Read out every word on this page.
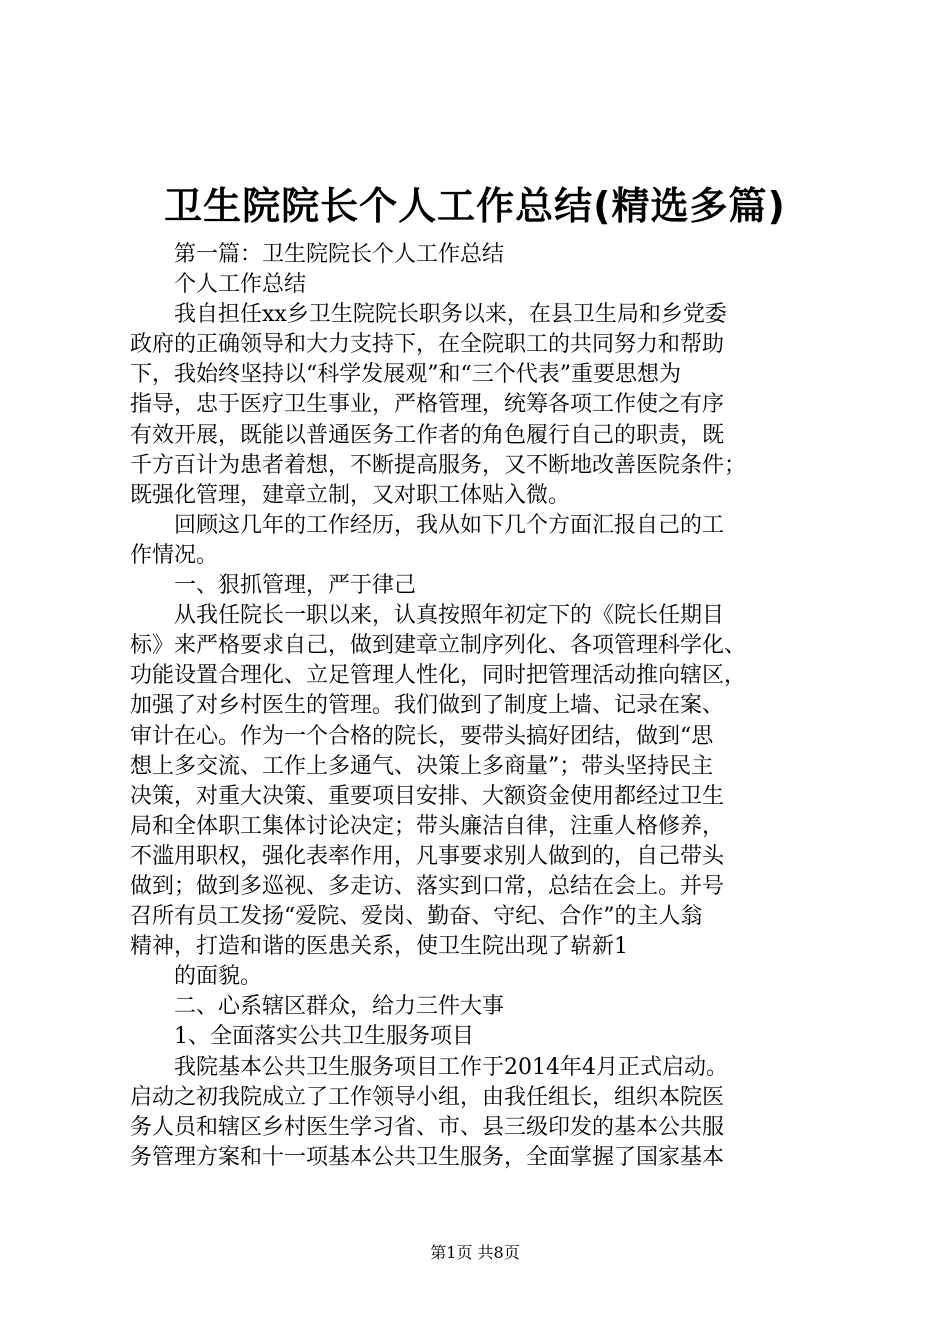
卫生院院长个人工作总结(精选多篇)
第一篇：卫生院院长个人工作总结
个人工作总结
我自担任xx乡卫生院院长职务以来，在县卫生局和乡党委
政府的正确领导和大力支持下，在全院职工的共同努力和帮助
下，我始终坚持以“科学发展观”和“三个代表”重要思想为
指导，忠于医疗卫生事业，严格管理，统筹各项工作使之有序
有效开展，既能以普通医务工作者的角色履行自己的职责，既
千方百计为患者着想，不断提高服务，又不断地改善医院条件；
既强化管理，建章立制，又对职工体贴入微。
回顾这几年的工作经历，我从如下几个方面汇报自己的工
作情况。
一、狠抓管理，严于律己
从我任院长一职以来，认真按照年初定下的《院长任期目
标》来严格要求自己，做到建章立制序列化、各项管理科学化、
功能设置合理化、立足管理人性化，同时把管理活动推向辖区，
加强了对乡村医生的管理。我们做到了制度上墙、记录在案、
审计在心。作为一个合格的院长，要带头搞好团结，做到“思
想上多交流、工作上多通气、决策上多商量”；带头坚持民主
决策，对重大决策、重要项目安排、大额资金使用都经过卫生
局和全体职工集体讨论决定；带头廉洁自律，注重人格修养，
不滥用职权，强化表率作用，凡事要求别人做到的，自己带头
做到；做到多巡视、多走访、落实到口常，总结在会上。并号
召所有员工发扬“爱院、爱岗、勤奋、守纪、合作”的主人翁
精神，打造和谐的医患关系，使卫生院出现了崭新1
的面貌。
二、心系辖区群众，给力三件大事
1、全面落实公共卫生服务项目
我院基本公共卫生服务项目工作于2014年4月正式启动。
启动之初我院成立了工作领导小组，由我任组长，组织本院医
务人员和辖区乡村医生学习省、市、县三级印发的基本公共服
务管理方案和十一项基本公共卫生服务，全面掌握了国家基本
第1页 共8页
